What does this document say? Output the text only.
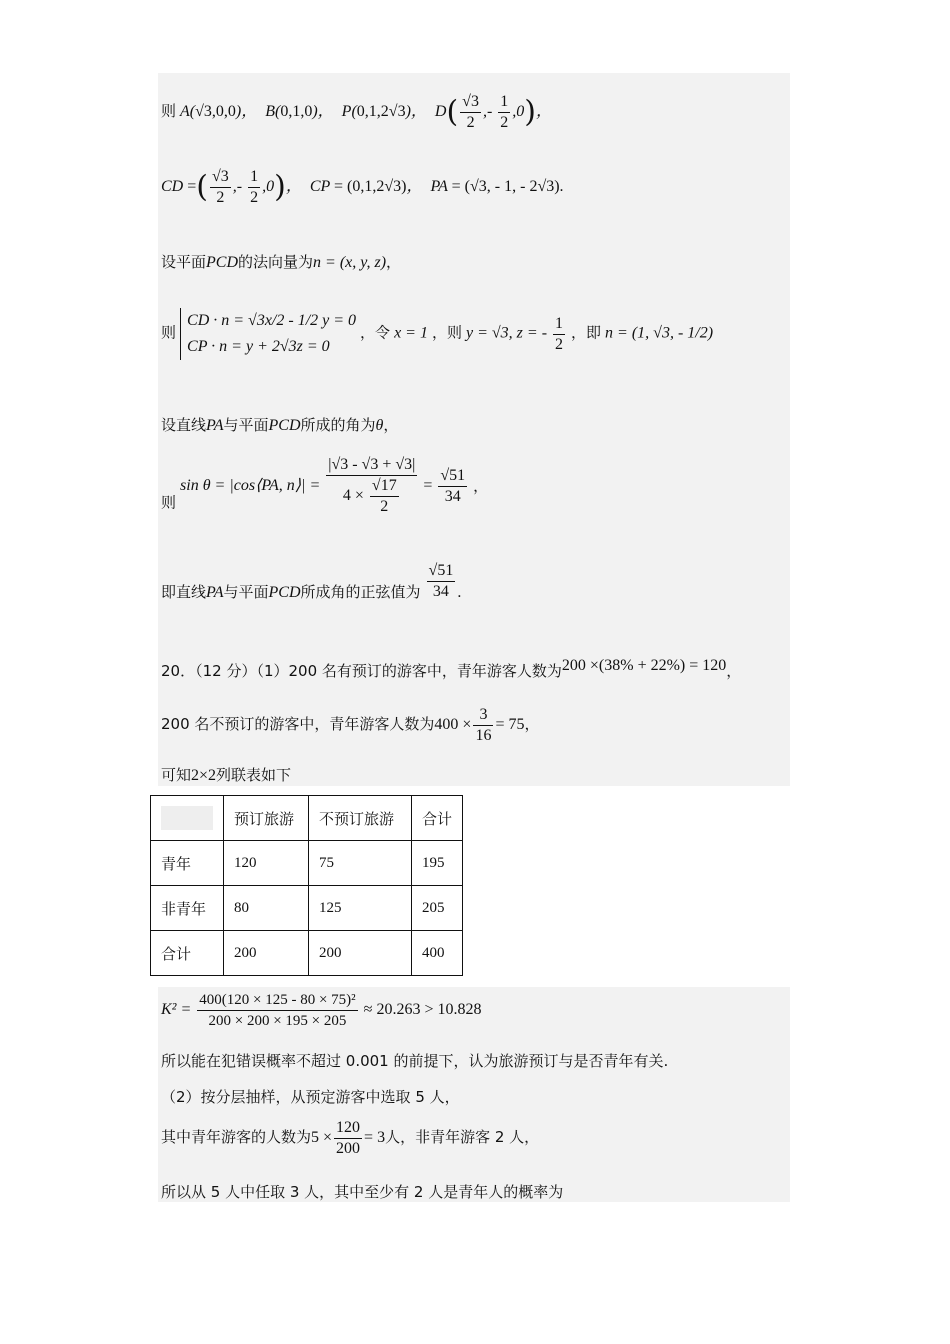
则 A(√3,0,0)，  B(0,1,0)，  P(0,1,2√3)，  $D( \frac{√3}{2}$ ,- $\frac{1}{2} ,0$)，
CD =( $\frac{√3}{2}$ ,- $\frac{1}{2} ,0$)，  CP = (0,1,2√3)，  PA = (√3, - 1, - 2√3).
设平面PCD的法向量为n = (x, y, z)，
则
CD · n = √3x/2 - 1/2 y = 0
CP · n = y + 2√3z = 0
，令 x = 1 ，则 y = √3, z = - $\frac{1}{2}$ ，即 n = (1, √3, - 1/2)
设直线PA与平面PCD所成的角为θ，
则 sin θ = |cos⟨PA, n⟩| = $\frac{|√3 - √3 + √3|}{4 \times \frac{√17}{2}} = \frac{√51}{34}$ ，
即直线PA与平面PCD所成角的正弦值为 $\frac{√51}{34}$ .
20．（12 分）（1）200 名有预订的游客中，青年游客人数为200 ×(38% + 22%) = 120，
200 名不预订的游客中，青年游客人数为$400 \times \frac{3}{16} = 75$，
可知2×2列联表如下
	预订旅游	不预订旅游	合计
青年	120	75	195
非青年	80	125	205
合计	200	200	400
$K^2 = \frac{\text{400(120 × 125 - 80 × 75)²}}{200 \times 200 \times 195 \times 205} \approx 20.263 > 10.828$
所以能在犯错误概率不超过 0.001 的前提下，认为旅游预订与是否青年有关.
（2）按分层抽样，从预定游客中选取 5 人，
其中青年游客的人数为$5 \times \frac{120}{200} = 3$人，非青年游客 2 人，
所以从 5 人中任取 3 人，其中至少有 2 人是青年人的概率为
